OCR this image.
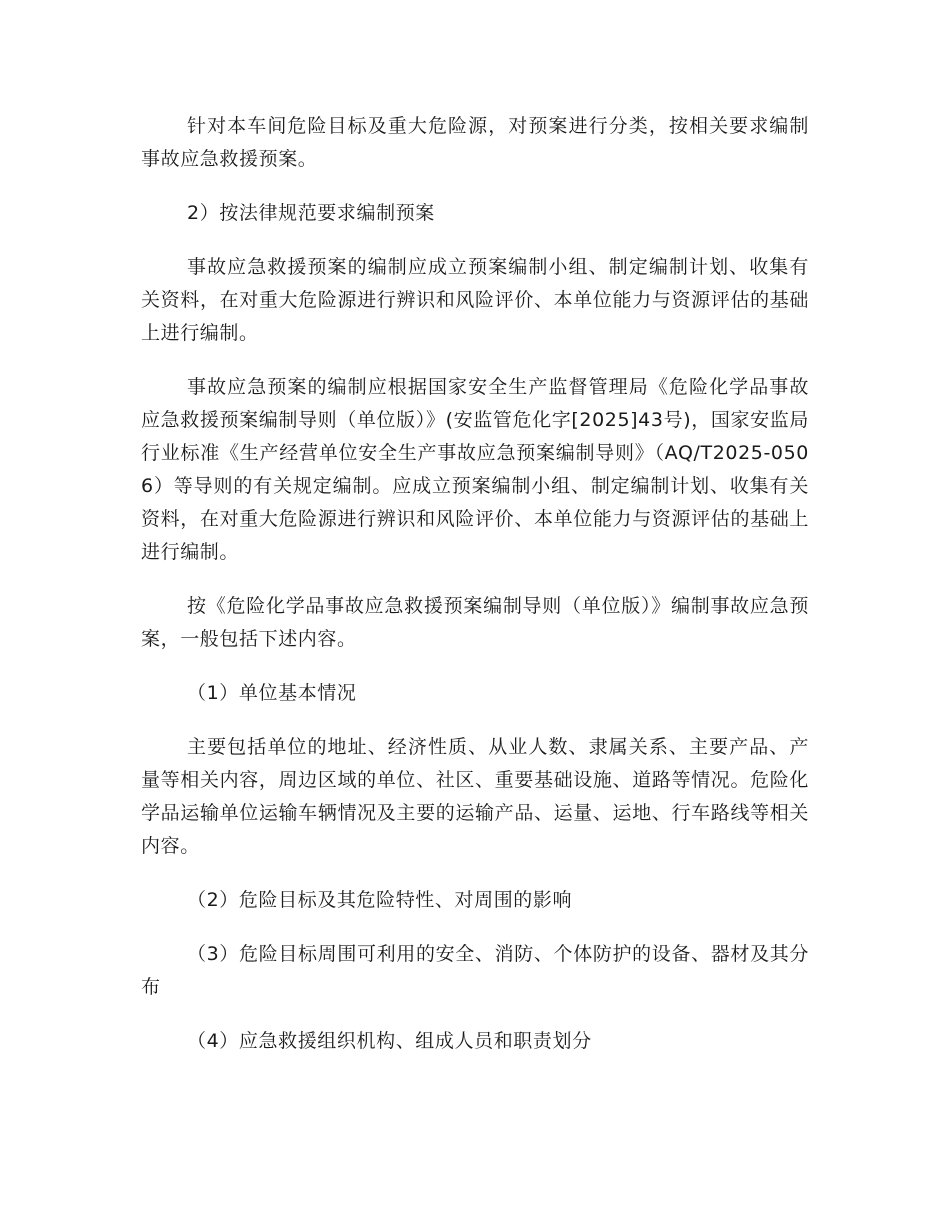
针对本车间危险目标及重大危险源，对预案进行分类，按相关要求编制事故应急救援预案。

2）按法律规范要求编制预案

事故应急救援预案的编制应成立预案编制小组、制定编制计划、收集有关资料，在对重大危险源进行辨识和风险评价、本单位能力与资源评估的基础上进行编制。

事故应急预案的编制应根据国家安全生产监督管理局《危险化学品事故应急救援预案编制导则（单位版）》(安监管危化字[2025]43号)，国家安监局行业标准《生产经营单位安全生产事故应急预案编制导则》（AQ/T2025-0506）等导则的有关规定编制。应成立预案编制小组、制定编制计划、收集有关资料，在对重大危险源进行辨识和风险评价、本单位能力与资源评估的基础上进行编制。

按《危险化学品事故应急救援预案编制导则（单位版）》编制事故应急预案，一般包括下述内容。

（1）单位基本情况

主要包括单位的地址、经济性质、从业人数、隶属关系、主要产品、产量等相关内容，周边区域的单位、社区、重要基础设施、道路等情况。危险化学品运输单位运输车辆情况及主要的运输产品、运量、运地、行车路线等相关内容。

（2）危险目标及其危险特性、对周围的影响

（3）危险目标周围可利用的安全、消防、个体防护的设备、器材及其分布

（4）应急救援组织机构、组成人员和职责划分
